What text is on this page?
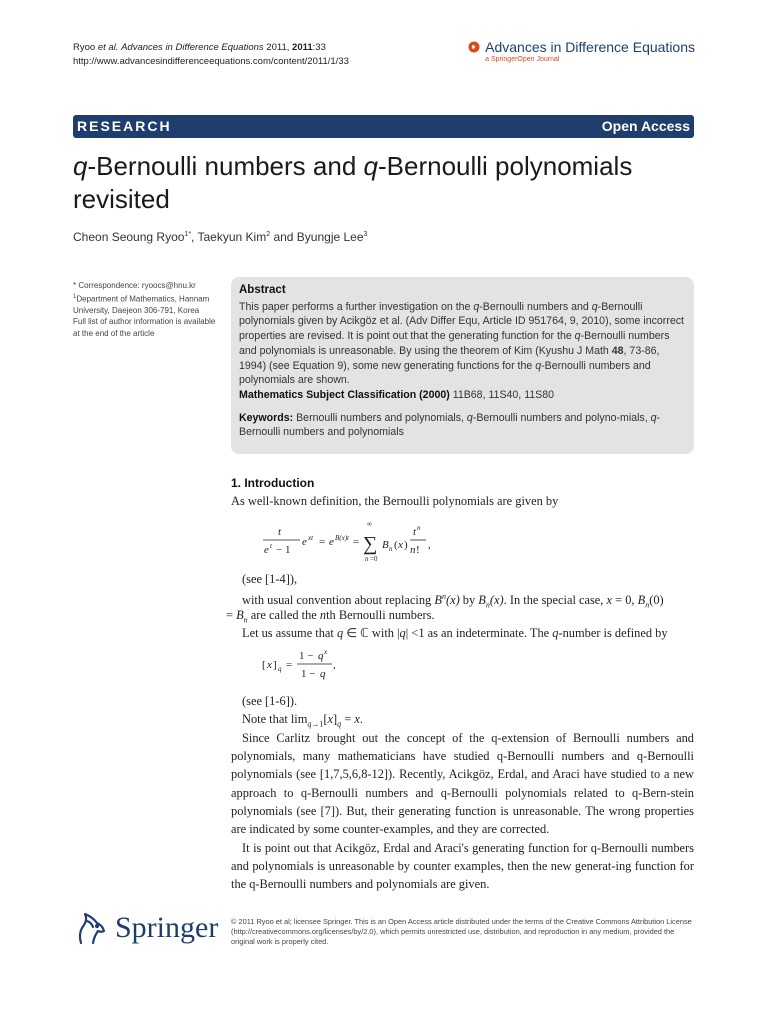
Ryoo et al. Advances in Difference Equations 2011, 2011:33
http://www.advancesindifferenceequations.com/content/2011/1/33
Advances in Difference Equations
a SpringerOpen Journal
RESEARCH	Open Access
q-Bernoulli numbers and q-Bernoulli polynomials
revisited
Cheon Seoung Ryoo$^{1*}$, Taekyun Kim$^2$ and Byungje Lee$^3$
* Correspondence: ryoocs@hnu.kr
$^1$Department of Mathematics, Hannam University, Daejeon 306-791, Korea
Full list of author information is available at the end of the article
Abstract
This paper performs a further investigation on the q-Bernoulli numbers and q-Bernoulli polynomials given by Acikgöz et al. (Adv Differ Equ, Article ID 951764, 9, 2010), some incorrect properties are revised. It is point out that the generating function for the q-Bernoulli numbers and polynomials is unreasonable. By using the theorem of Kim (Kyushu J Math 48, 73-86, 1994) (see Equation 9), some new generating functions for the q-Bernoulli numbers and polynomials are shown.
Mathematics Subject Classification (2000) 11B68, 11S40, 11S80
Keywords: Bernoulli numbers and polynomials, q-Bernoulli numbers and polyno-mials, q-Bernoulli numbers and polynomials
1. Introduction
As well-known definition, the Bernoulli polynomials are given by
t
e t − 1
e xt = e B(x)t =
∞
∑
n =0
B n ( x )
t n
n ! ,
(see [1-4]),
with usual convention about replacing $B^n(x)$ by $B_n(x)$. In the special case, x = 0, $B_n(0)$
= $B_n$ are called the nth Bernoulli numbers.
Let us assume that q ∈ ℂ with |q| <1 as an indeterminate. The q-number is defined by
[ x ] q =
1 − q x
1 − q
,
(see [1-6]).
Note that $\lim_{q\to 1}[x]_q = x$.
Since Carlitz brought out the concept of the q-extension of Bernoulli numbers and polynomials, many mathematicians have studied q-Bernoulli numbers and q-Bernoulli polynomials (see [1,7,5,6,8-12]). Recently, Acikgöz, Erdal, and Araci have studied to a new approach to q-Bernoulli numbers and q-Bernoulli polynomials related to q-Bern-stein polynomials (see [7]). But, their generating function is unreasonable. The wrong properties are indicated by some counter-examples, and they are corrected.
It is point out that Acikgöz, Erdal and Araci's generating function for q-Bernoulli numbers and polynomials is unreasonable by counter examples, then the new generat-ing function for the q-Bernoulli numbers and polynomials are given.
Springer © 2011 Ryoo et al; licensee Springer. This is an Open Access article distributed under the terms of the Creative Commons Attribution License (http://creativecommons.org/licenses/by/2.0), which permits unrestricted use, distribution, and reproduction in any medium, provided the original work is properly cited.
